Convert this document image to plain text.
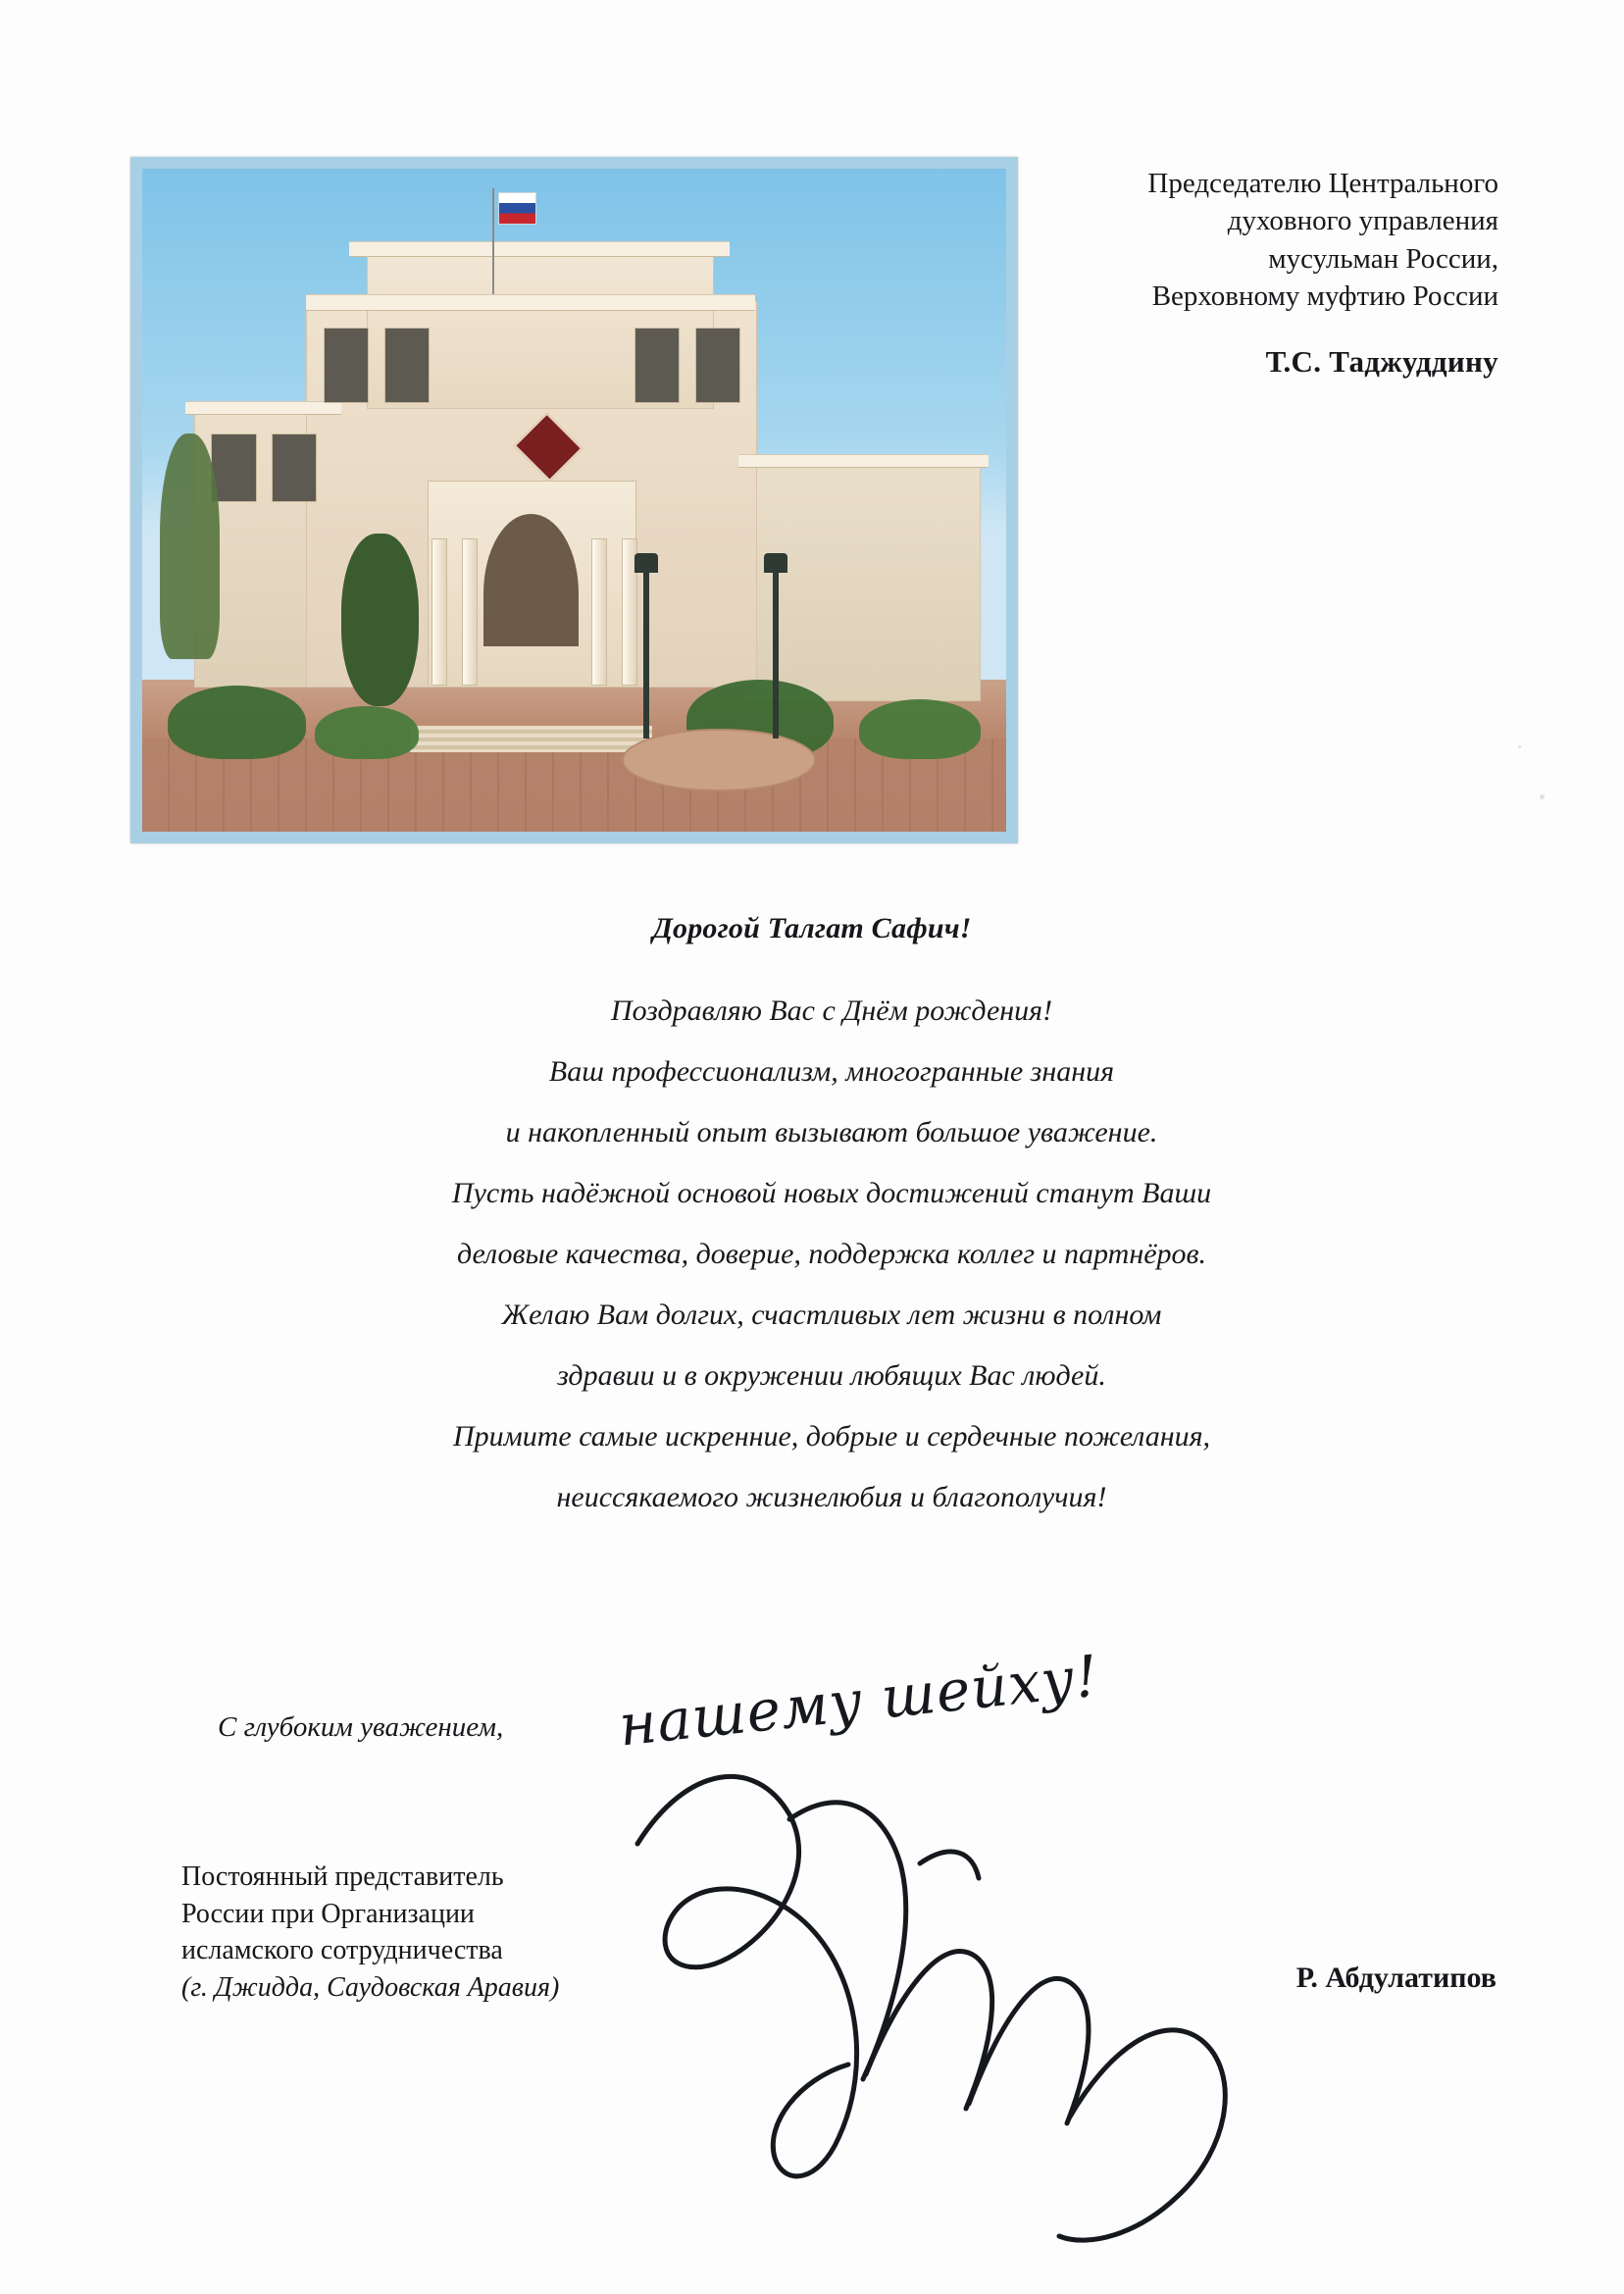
Председателю Центрального
духовного управления
мусульман России,
Верховному муфтию России
Т.С. Таджуддину
Дорогой Талгат Сафич!

Поздравляю Вас с Днём рождения!

Ваш профессионализм, многогранные знания

и накопленный опыт вызывают большое уважение.

Пусть надёжной основой новых достижений станут Ваши

деловые качества, доверие, поддержка коллег и партнёров.

Желаю Вам долгих, счастливых лет жизни в полном

здравии и в окружении любящих Вас людей.

Примите самые искренние, добрые и сердечные пожелания,

неиссякаемого жизнелюбия и благополучия!

С глубоким уважением, нашему шейху!
Постоянный представитель
России при Организации
исламского сотрудничества
(г. Джидда, Саудовская Аравия)	Р. Абдулатипов
